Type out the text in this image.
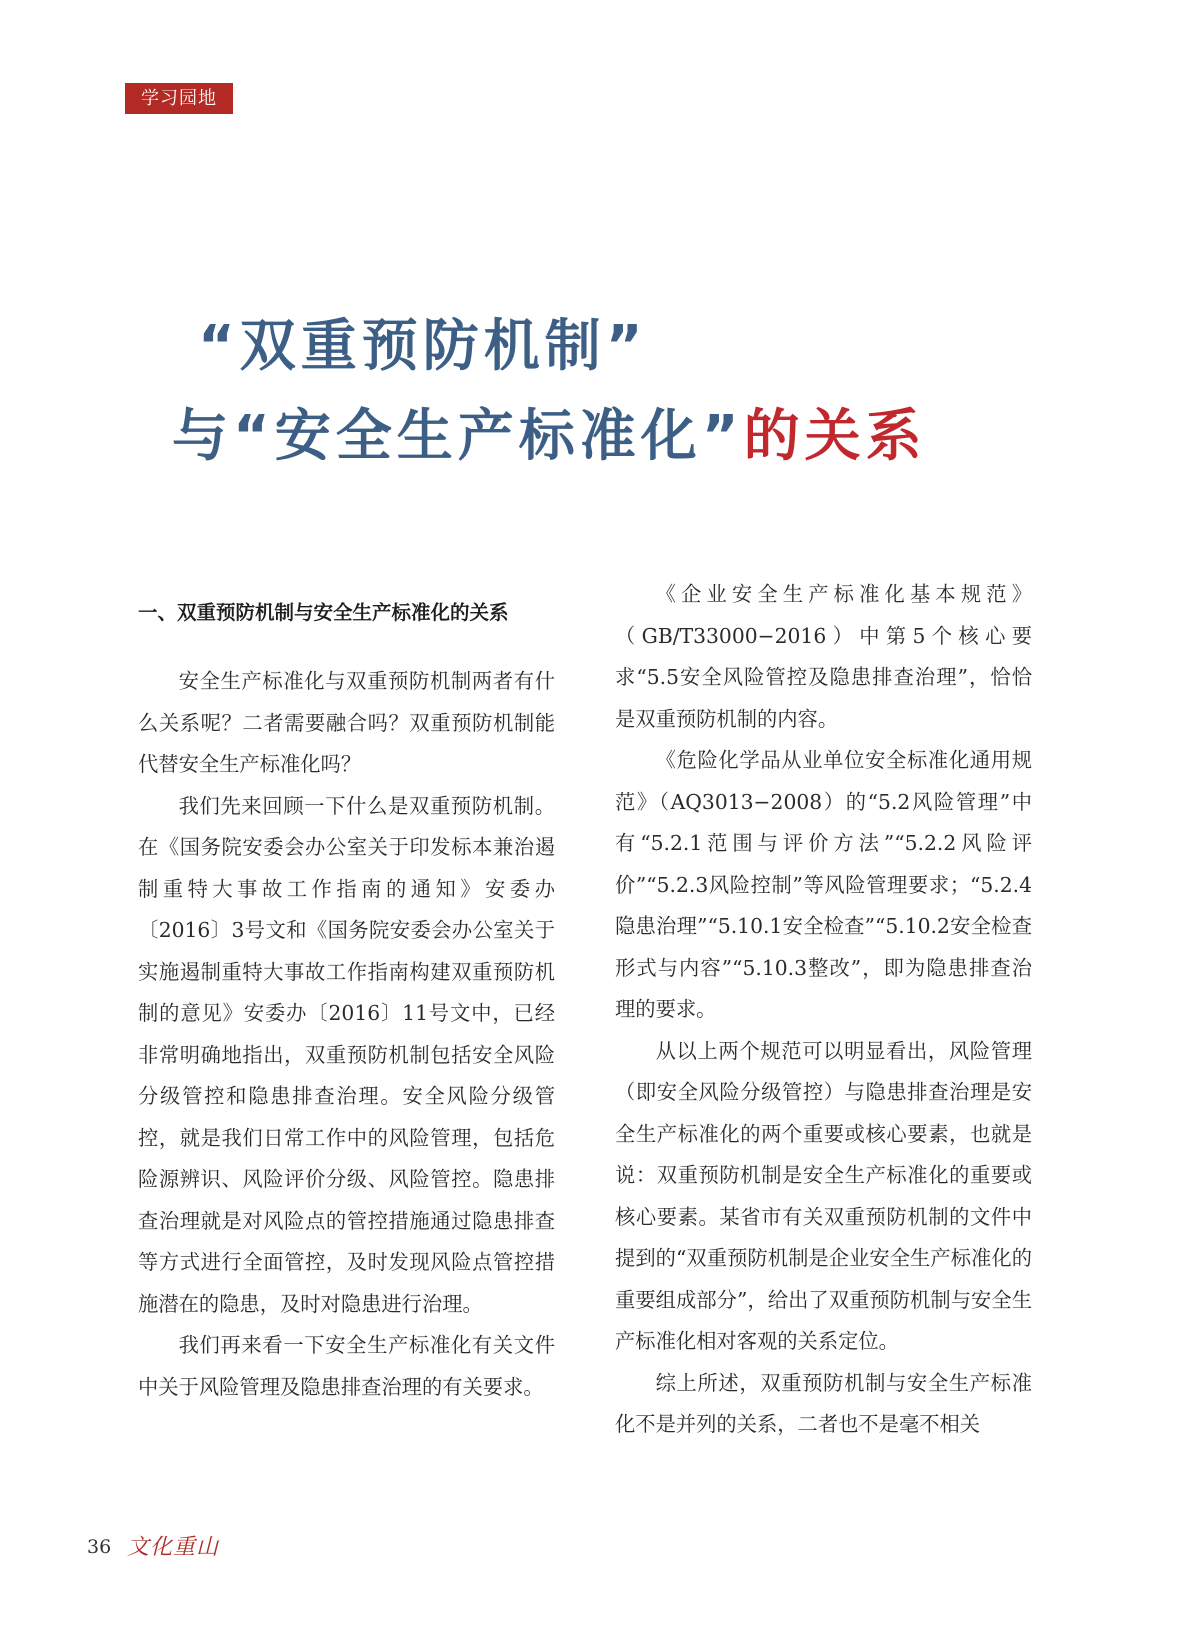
学习园地
“双重预防机制”
与“安全生产标准化”的关系

一、双重预防机制与安全生产标准化的关系

安全生产标准化与双重预防机制两者有什么关系呢？二者需要融合吗？双重预防机制能代替安全生产标准化吗？

我们先来回顾一下什么是双重预防机制。在《国务院安委会办公室关于印发标本兼治遏制重特大事故工作指南的通知》安委办〔2016〕3号文和《国务院安委会办公室关于实施遏制重特大事故工作指南构建双重预防机制的意见》安委办〔2016〕11号文中，已经非常明确地指出，双重预防机制包括安全风险分级管控和隐患排查治理。安全风险分级管控，就是我们日常工作中的风险管理，包括危险源辨识、风险评价分级、风险管控。隐患排查治理就是对风险点的管控措施通过隐患排查等方式进行全面管控，及时发现风险点管控措施潜在的隐患，及时对隐患进行治理。

我们再来看一下安全生产标准化有关文件中关于风险管理及隐患排查治理的有关要求。

《企业安全生产标准化基本规范》（GB/T33000−2016）中第5个核心要求“5.5安全风险管控及隐患排查治理”，恰恰是双重预防机制的内容。

《危险化学品从业单位安全标准化通用规范》（AQ3013−2008）的“5.2风险管理”中有“5.2.1范围与评价方法”“5.2.2风险评价”“5.2.3风险控制”等风险管理要求；“5.2.4隐患治理”“5.10.1安全检查”“5.10.2安全检查形式与内容”“5.10.3整改”，即为隐患排查治理的要求。

从以上两个规范可以明显看出，风险管理（即安全风险分级管控）与隐患排查治理是安全生产标准化的两个重要或核心要素，也就是说：双重预防机制是安全生产标准化的重要或核心要素。某省市有关双重预防机制的文件中提到的“双重预防机制是企业安全生产标准化的重要组成部分”，给出了双重预防机制与安全生产标准化相对客观的关系定位。

综上所述，双重预防机制与安全生产标准化不是并列的关系，二者也不是毫不相关

36 文化重山
